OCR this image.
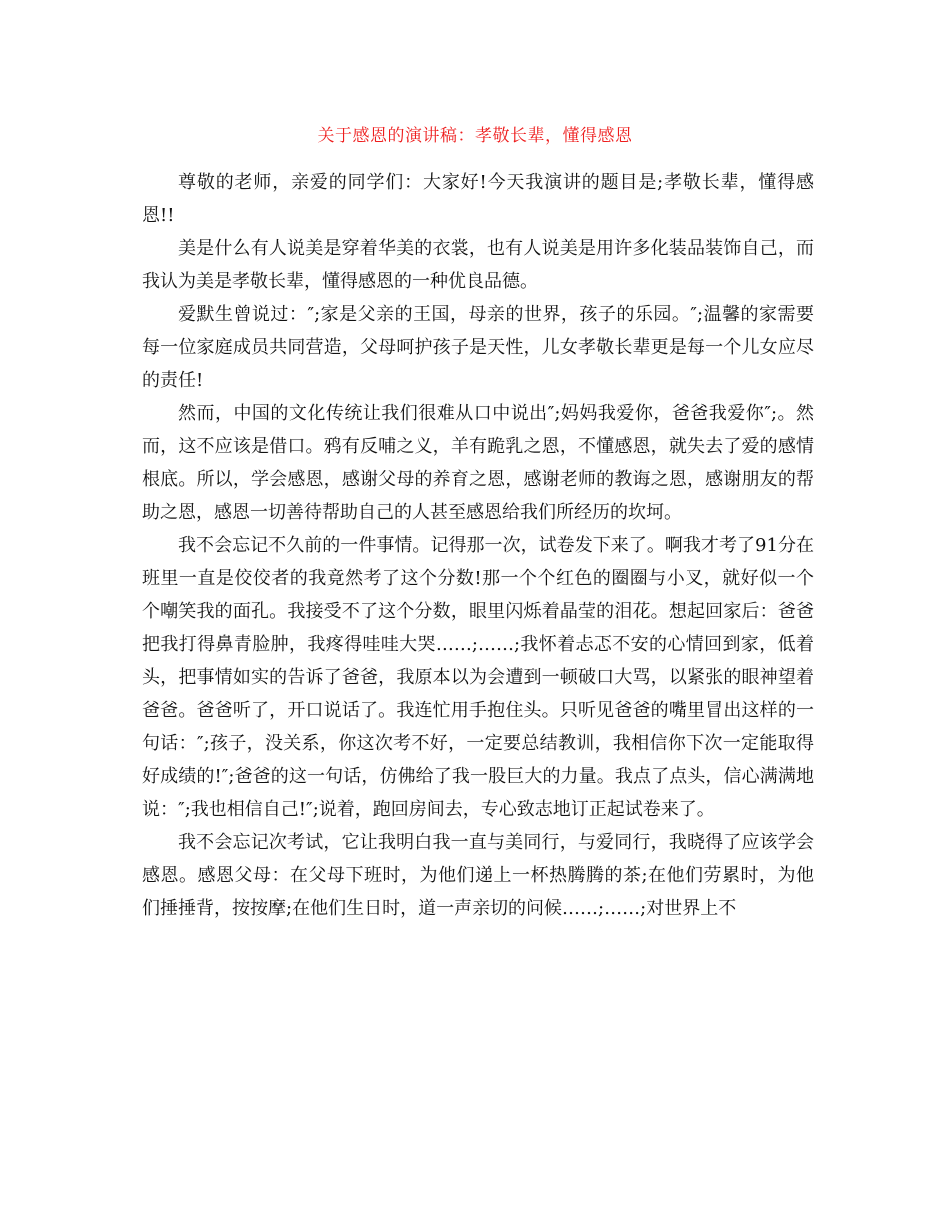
关于感恩的演讲稿：孝敬长辈，懂得感恩

尊敬的老师，亲爱的同学们：大家好!今天我演讲的题目是;孝敬长辈，懂得感恩!!

美是什么有人说美是穿着华美的衣裳，也有人说美是用许多化装品装饰自己，而我认为美是孝敬长辈，懂得感恩的一种优良品德。

爱默生曾说过：″;家是父亲的王国，母亲的世界，孩子的乐园。″;温馨的家需要每一位家庭成员共同营造，父母呵护孩子是天性，儿女孝敬长辈更是每一个儿女应尽的责任!

然而，中国的文化传统让我们很难从口中说出″;妈妈我爱你，爸爸我爱你″;。然而，这不应该是借口。鸦有反哺之义，羊有跪乳之恩，不懂感恩，就失去了爱的感情根底。所以，学会感恩，感谢父母的养育之恩，感谢老师的教诲之恩，感谢朋友的帮助之恩，感恩一切善待帮助自己的人甚至感恩给我们所经历的坎坷。

我不会忘记不久前的一件事情。记得那一次，试卷发下来了。啊我才考了91分在班里一直是佼佼者的我竟然考了这个分数!那一个个红色的圈圈与小叉，就好似一个个嘲笑我的面孔。我接受不了这个分数，眼里闪烁着晶莹的泪花。想起回家后：爸爸把我打得鼻青脸肿，我疼得哇哇大哭……;……;我怀着忐忑不安的心情回到家，低着头，把事情如实的告诉了爸爸，我原本以为会遭到一顿破口大骂，以紧张的眼神望着爸爸。爸爸听了，开口说话了。我连忙用手抱住头。只听见爸爸的嘴里冒出这样的一句话：″;孩子，没关系，你这次考不好，一定要总结教训，我相信你下次一定能取得好成绩的!″;爸爸的这一句话，仿佛给了我一股巨大的力量。我点了点头，信心满满地说：″;我也相信自己!″;说着，跑回房间去，专心致志地订正起试卷来了。

我不会忘记次考试，它让我明白我一直与美同行，与爱同行，我晓得了应该学会感恩。感恩父母：在父母下班时，为他们递上一杯热腾腾的茶;在他们劳累时，为他们捶捶背，按按摩;在他们生日时，道一声亲切的问候……;……;对世界上不
